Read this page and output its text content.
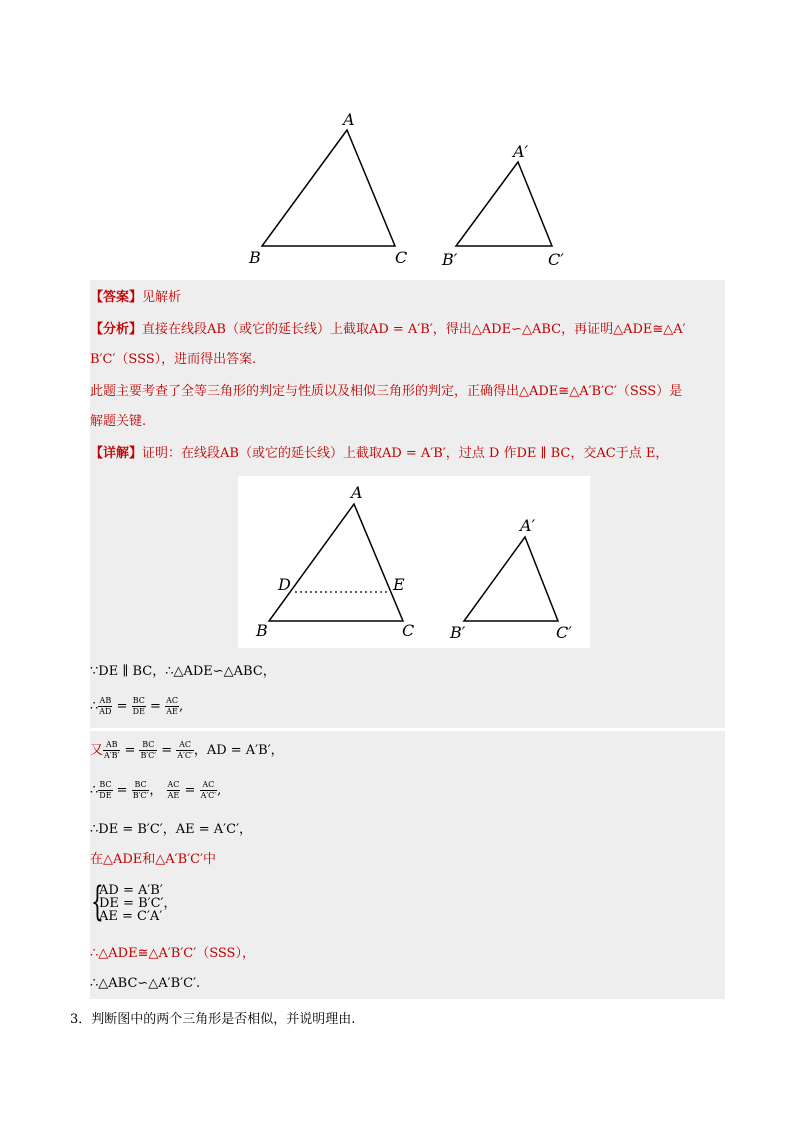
A
B	C
A′
B′	C′
【答案】见解析
【分析】直接在线段AB（或它的延长线）上截取AD = A′B′，得出△ADE∽△ABC，再证明△ADE≅△A′
B′C′（SSS），进而得出答案.
此题主要考查了全等三角形的判定与性质以及相似三角形的判定，正确得出△ADE≅△A′B′C′（SSS）是
解题关键.
【详解】证明：在线段AB（或它的延长线）上截取AD = A′B′，过点 D 作DE ∥ BC，交AC于点 E，
A
D	E
B	C
A′
B′	C′
∵DE ∥ BC，∴△ADE∽△ABC，
∴ $\frac{AB}{AD} = \frac{BC}{DE} = \frac{AC}{AE}$ ,
又 $\frac{AB}{A'B'} = \frac{BC}{B'C'} = \frac{AC}{A'C'}$ ，AD = A′B′，
∴ $\frac{BC}{DE} = \frac{BC}{B'C'}$ ， $\frac{AC}{AE} = \frac{AC}{A'C'}$ ,
∴DE = B′C′，AE = A′C′，
在△ADE和△A′B′C′中
{
AD = A′B′
DE = B′C′，
AE = C′A′
∴△ADE≅△A′B′C′（SSS），
∴△ABC∽△A′B′C′.
3．判断图中的两个三角形是否相似，并说明理由.
